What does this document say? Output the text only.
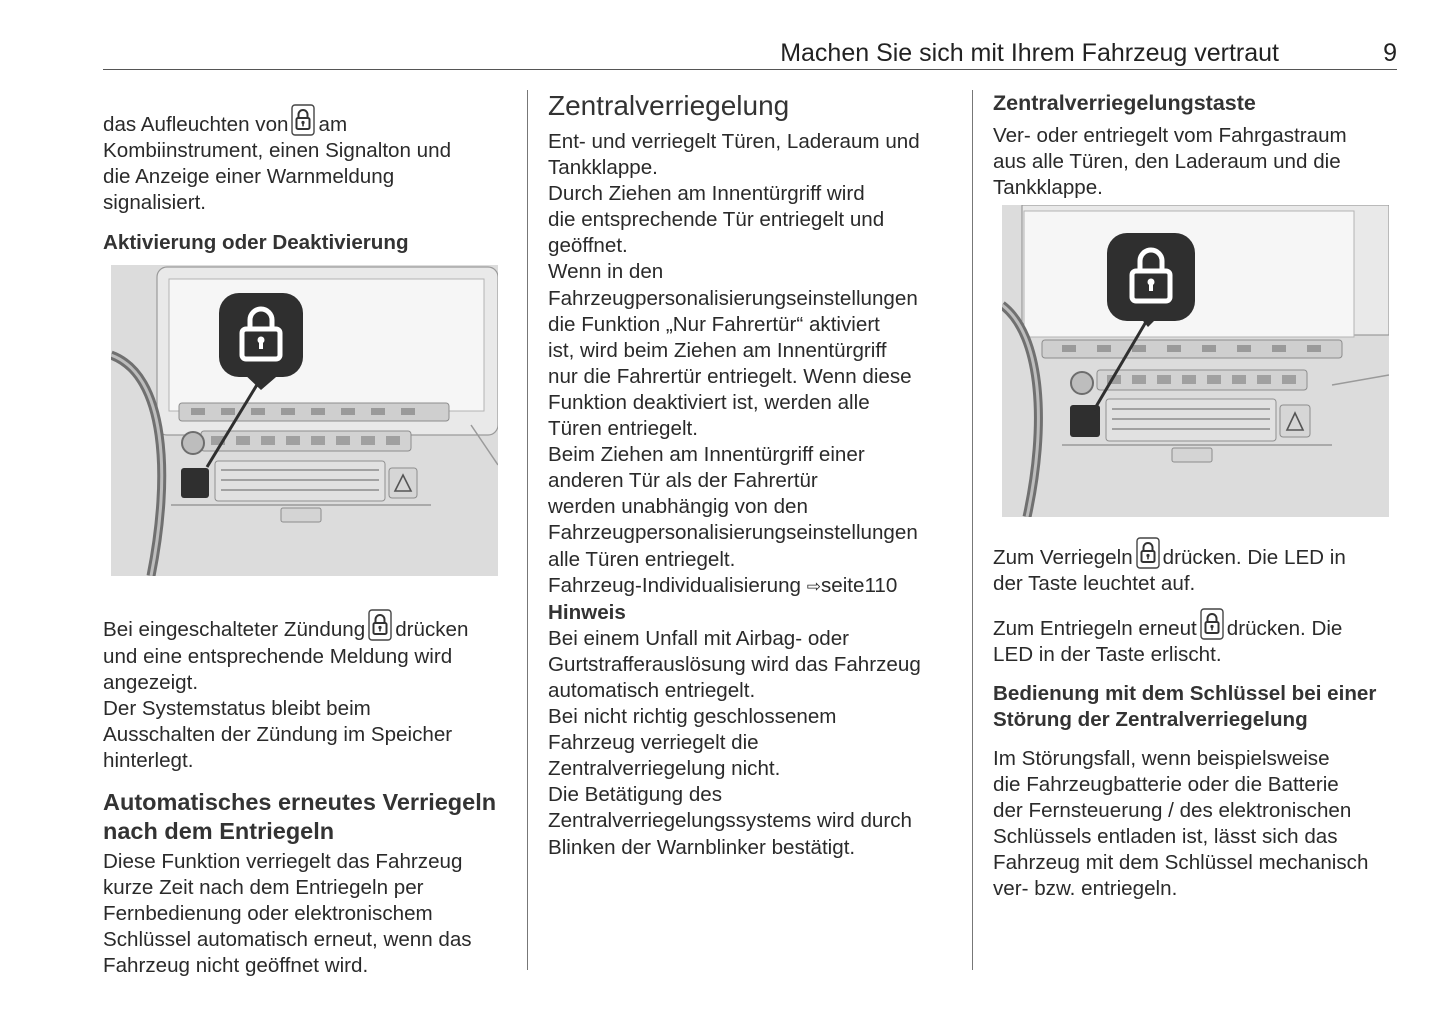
Machen Sie sich mit Ihrem Fahrzeug vertraut	9
das Aufleuchten von am
Kombiinstrument, einen Signalton und
die Anzeige einer Warnmeldung
signalisiert.
Aktivierung oder Deaktivierung
Bei eingeschalteter Zündung drücken
und eine entsprechende Meldung wird
angezeigt.
Der Systemstatus bleibt beim
Ausschalten der Zündung im Speicher
hinterlegt.
Automatisches erneutes Verriegeln
nach dem Entriegeln
Diese Funktion verriegelt das Fahrzeug
kurze Zeit nach dem Entriegeln per
Fernbedienung oder elektronischem
Schlüssel automatisch erneut, wenn das
Fahrzeug nicht geöffnet wird.
Zentralverriegelung
Ent- und verriegelt Türen, Laderaum und
Tankklappe.
Durch Ziehen am Innentürgriff wird
die entsprechende Tür entriegelt und
geöffnet.
Wenn in den
Fahrzeugpersonalisierungseinstellungen
die Funktion „Nur Fahrertür“ aktiviert
ist, wird beim Ziehen am Innentürgriff
nur die Fahrertür entriegelt. Wenn diese
Funktion deaktiviert ist, werden alle
Türen entriegelt.
Beim Ziehen am Innentürgriff einer
anderen Tür als der Fahrertür
werden unabhängig von den
Fahrzeugpersonalisierungseinstellungen
alle Türen entriegelt.
Fahrzeug-Individualisierung ⇨seite110
Hinweis
Bei einem Unfall mit Airbag- oder
Gurtstrafferauslösung wird das Fahrzeug
automatisch entriegelt.
Bei nicht richtig geschlossenem
Fahrzeug verriegelt die
Zentralverriegelung nicht.
Die Betätigung des
Zentralverriegelungssystems wird durch
Blinken der Warnblinker bestätigt.
Zentralverriegelungstaste
Ver- oder entriegelt vom Fahrgastraum
aus alle Türen, den Laderaum und die
Tankklappe.
Zum Verriegeln drücken. Die LED in
der Taste leuchtet auf.
Zum Entriegeln erneut drücken. Die
LED in der Taste erlischt.
Bedienung mit dem Schlüssel bei einer
Störung der Zentralverriegelung
Im Störungsfall, wenn beispielsweise
die Fahrzeugbatterie oder die Batterie
der Fernsteuerung / des elektronischen
Schlüssels entladen ist, lässt sich das
Fahrzeug mit dem Schlüssel mechanisch
ver- bzw. entriegeln.
